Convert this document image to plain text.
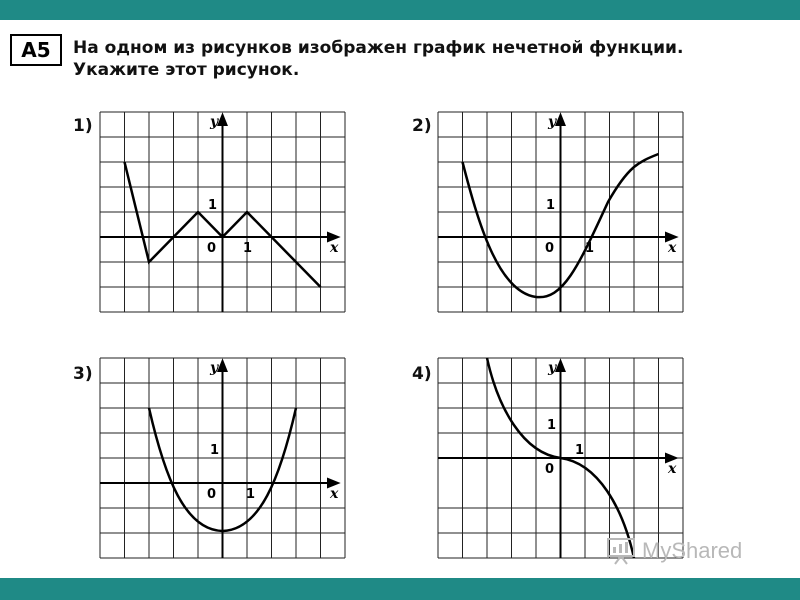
A5	На одном из рисунков изображен график нечетной функции.
Укажите этот рисунок.
1)	y
x
0 1
1
2)	y
x
0 1
1
3)	y
x
0 1
1
4)	y
x
0
1
1
MyShared
